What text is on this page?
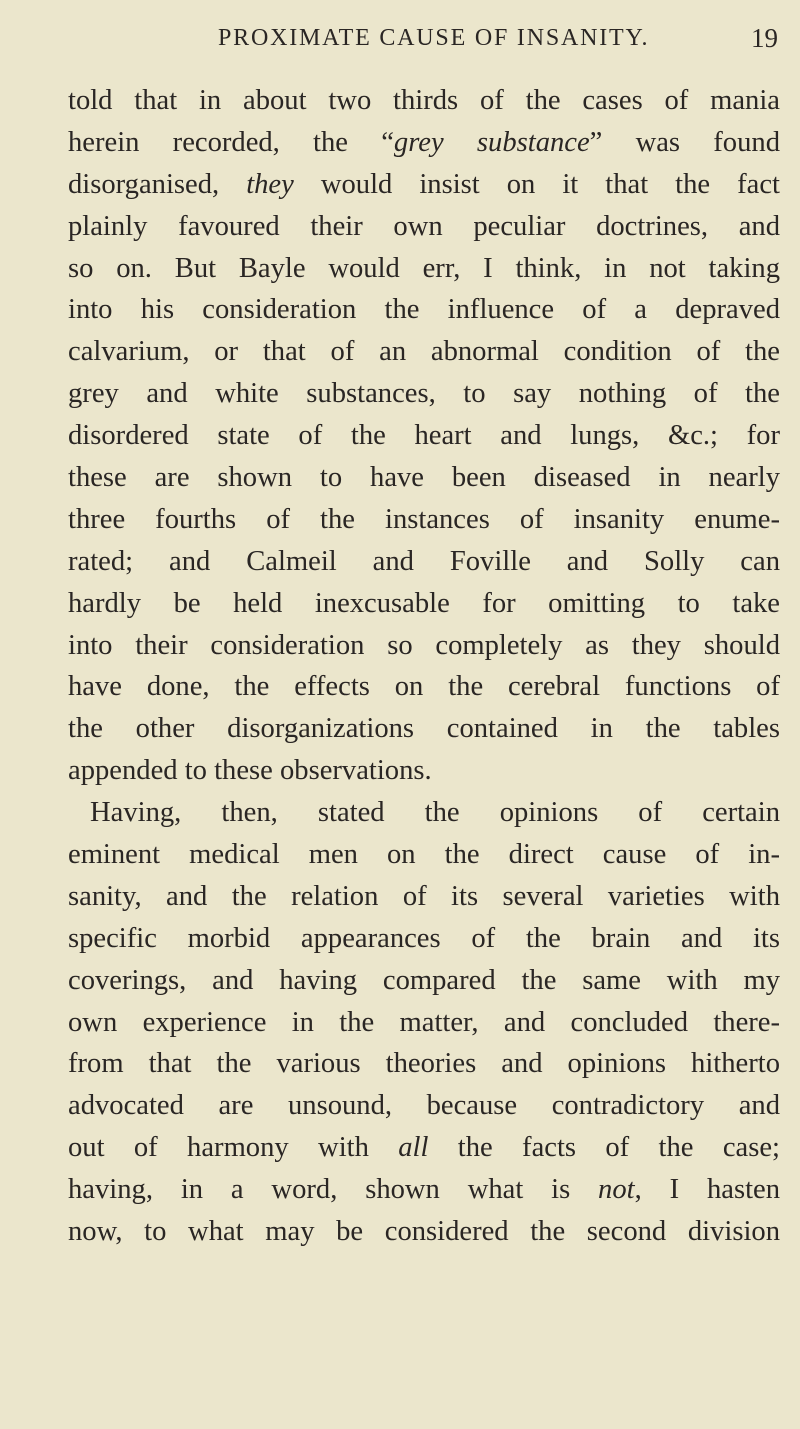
PROXIMATE CAUSE OF INSANITY.	19
told that in about two thirds of the cases of mania
herein recorded, the “grey substance” was found
disorganised, they would insist on it that the fact
plainly favoured their own peculiar doctrines, and
so on. But Bayle would err, I think, in not taking
into his consideration the influence of a depraved
calvarium, or that of an abnormal condition of the
grey and white substances, to say nothing of the
disordered state of the heart and lungs, &c.; for
these are shown to have been diseased in nearly
three fourths of the instances of insanity enume-
rated; and Calmeil and Foville and Solly can
hardly be held inexcusable for omitting to take
into their consideration so completely as they should
have done, the effects on the cerebral functions of
the other disorganizations contained in the tables
appended to these observations.
Having, then, stated the opinions of certain
eminent medical men on the direct cause of in-
sanity, and the relation of its several varieties with
specific morbid appearances of the brain and its
coverings, and having compared the same with my
own experience in the matter, and concluded there-
from that the various theories and opinions hitherto
advocated are unsound, because contradictory and
out of harmony with all the facts of the case;
having, in a word, shown what is not, I hasten
now, to what may be considered the second division
